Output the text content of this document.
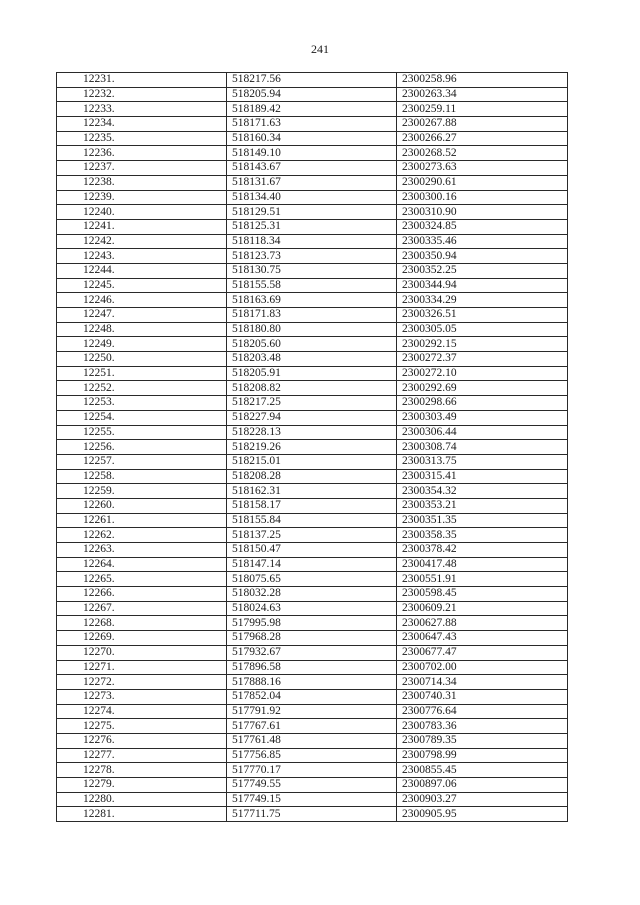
241
12231.	518217.56	2300258.96
12232.	518205.94	2300263.34
12233.	518189.42	2300259.11
12234.	518171.63	2300267.88
12235.	518160.34	2300266.27
12236.	518149.10	2300268.52
12237.	518143.67	2300273.63
12238.	518131.67	2300290.61
12239.	518134.40	2300300.16
12240.	518129.51	2300310.90
12241.	518125.31	2300324.85
12242.	518118.34	2300335.46
12243.	518123.73	2300350.94
12244.	518130.75	2300352.25
12245.	518155.58	2300344.94
12246.	518163.69	2300334.29
12247.	518171.83	2300326.51
12248.	518180.80	2300305.05
12249.	518205.60	2300292.15
12250.	518203.48	2300272.37
12251.	518205.91	2300272.10
12252.	518208.82	2300292.69
12253.	518217.25	2300298.66
12254.	518227.94	2300303.49
12255.	518228.13	2300306.44
12256.	518219.26	2300308.74
12257.	518215.01	2300313.75
12258.	518208.28	2300315.41
12259.	518162.31	2300354.32
12260.	518158.17	2300353.21
12261.	518155.84	2300351.35
12262.	518137.25	2300358.35
12263.	518150.47	2300378.42
12264.	518147.14	2300417.48
12265.	518075.65	2300551.91
12266.	518032.28	2300598.45
12267.	518024.63	2300609.21
12268.	517995.98	2300627.88
12269.	517968.28	2300647.43
12270.	517932.67	2300677.47
12271.	517896.58	2300702.00
12272.	517888.16	2300714.34
12273.	517852.04	2300740.31
12274.	517791.92	2300776.64
12275.	517767.61	2300783.36
12276.	517761.48	2300789.35
12277.	517756.85	2300798.99
12278.	517770.17	2300855.45
12279.	517749.55	2300897.06
12280.	517749.15	2300903.27
12281.	517711.75	2300905.95
